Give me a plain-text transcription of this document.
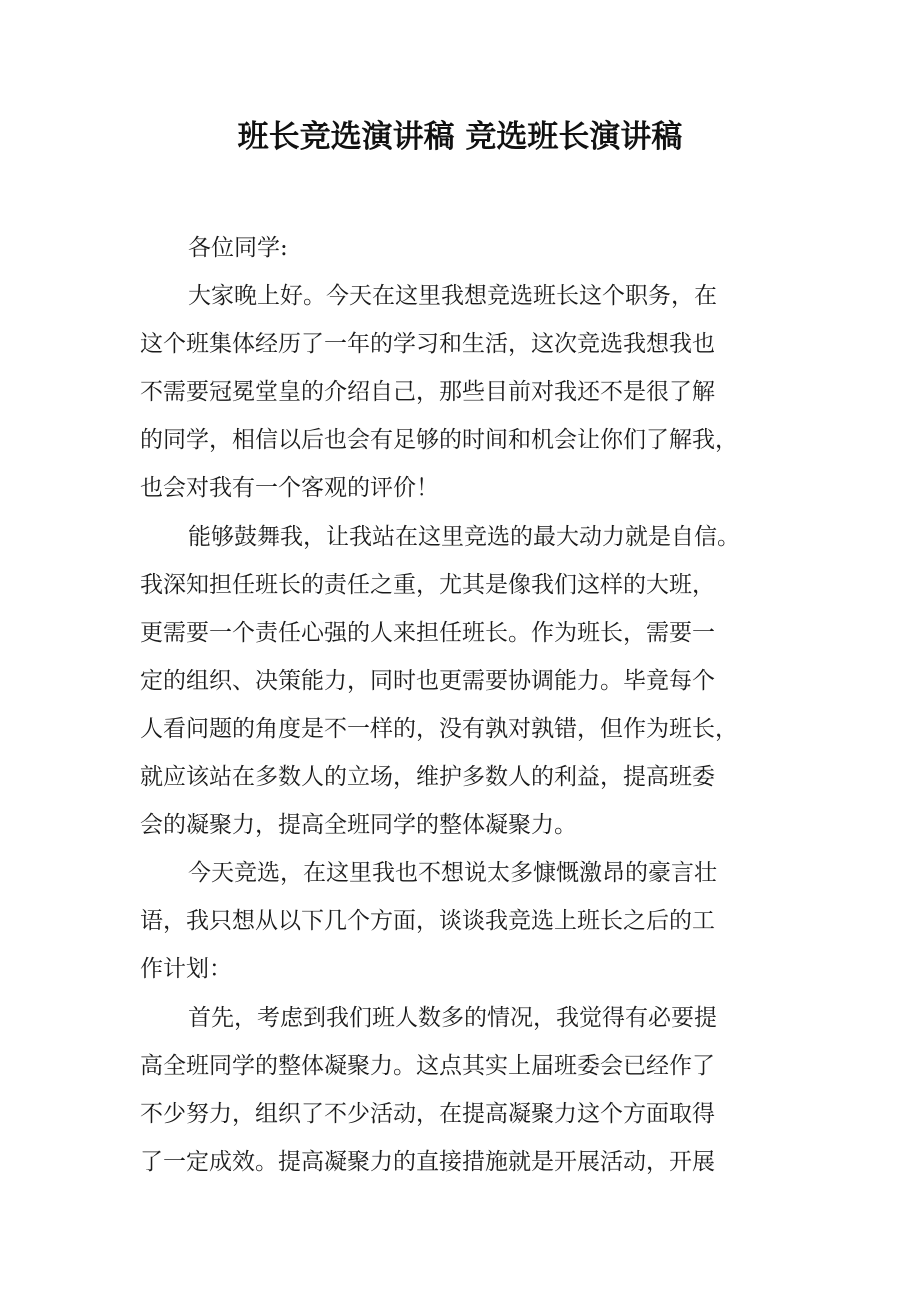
班长竞选演讲稿 竞选班长演讲稿
各位同学:
大家晚上好。今天在这里我想竞选班长这个职务，在
这个班集体经历了一年的学习和生活，这次竞选我想我也
不需要冠冕堂皇的介绍自己，那些目前对我还不是很了解
的同学，相信以后也会有足够的时间和机会让你们了解我，
也会对我有一个客观的评价！
能够鼓舞我，让我站在这里竞选的最大动力就是自信。
我深知担任班长的责任之重，尤其是像我们这样的大班，
更需要一个责任心强的人来担任班长。作为班长，需要一
定的组织、决策能力，同时也更需要协调能力。毕竟每个
人看问题的角度是不一样的，没有孰对孰错，但作为班长，
就应该站在多数人的立场，维护多数人的利益，提高班委
会的凝聚力，提高全班同学的整体凝聚力。
今天竞选，在这里我也不想说太多慷慨激昂的豪言壮
语，我只想从以下几个方面，谈谈我竞选上班长之后的工
作计划：
首先，考虑到我们班人数多的情况，我觉得有必要提
高全班同学的整体凝聚力。这点其实上届班委会已经作了
不少努力，组织了不少活动，在提高凝聚力这个方面取得
了一定成效。提高凝聚力的直接措施就是开展活动，开展
